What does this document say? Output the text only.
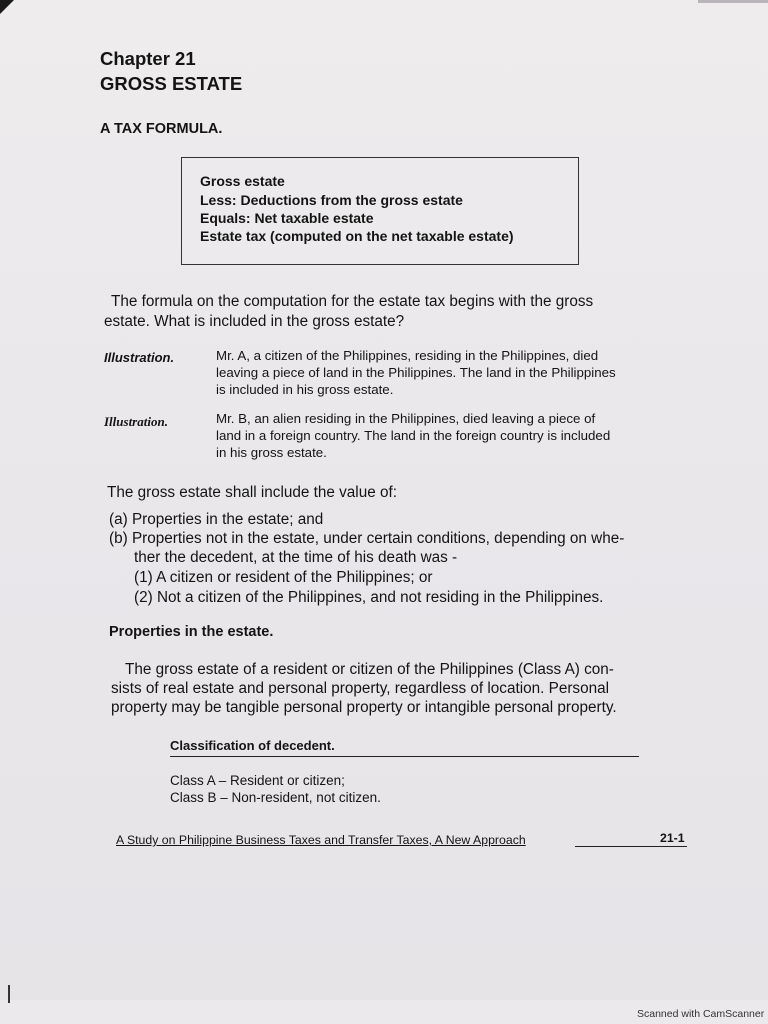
Chapter 21
GROSS ESTATE
A TAX FORMULA.
Gross estate
Less: Deductions from the gross estate
Equals: Net taxable estate
Estate tax (computed on the net taxable estate)
The formula on the computation for the estate tax begins with the gross
estate. What is included in the gross estate?
Illustration.	Mr. A, a citizen of the Philippines, residing in the Philippines, died
leaving a piece of land in the Philippines. The land in the Philippines
is included in his gross estate.
Illustration.	Mr. B, an alien residing in the Philippines, died leaving a piece of
land in a foreign country. The land in the foreign country is included
in his gross estate.
The gross estate shall include the value of:
(a) Properties in the estate; and
(b) Properties not in the estate, under certain conditions, depending on whe-
ther the decedent, at the time of his death was -
(1) A citizen or resident of the Philippines; or
(2) Not a citizen of the Philippines, and not residing in the Philippines.
Properties in the estate.
The gross estate of a resident or citizen of the Philippines (Class A) con-
sists of real estate and personal property, regardless of location. Personal
property may be tangible personal property or intangible personal property.
Classification of decedent.
Class A – Resident or citizen;
Class B – Non-resident, not citizen.
A Study on Philippine Business Taxes and Transfer Taxes, A New Approach	21-1
Scanned with CamScanner
